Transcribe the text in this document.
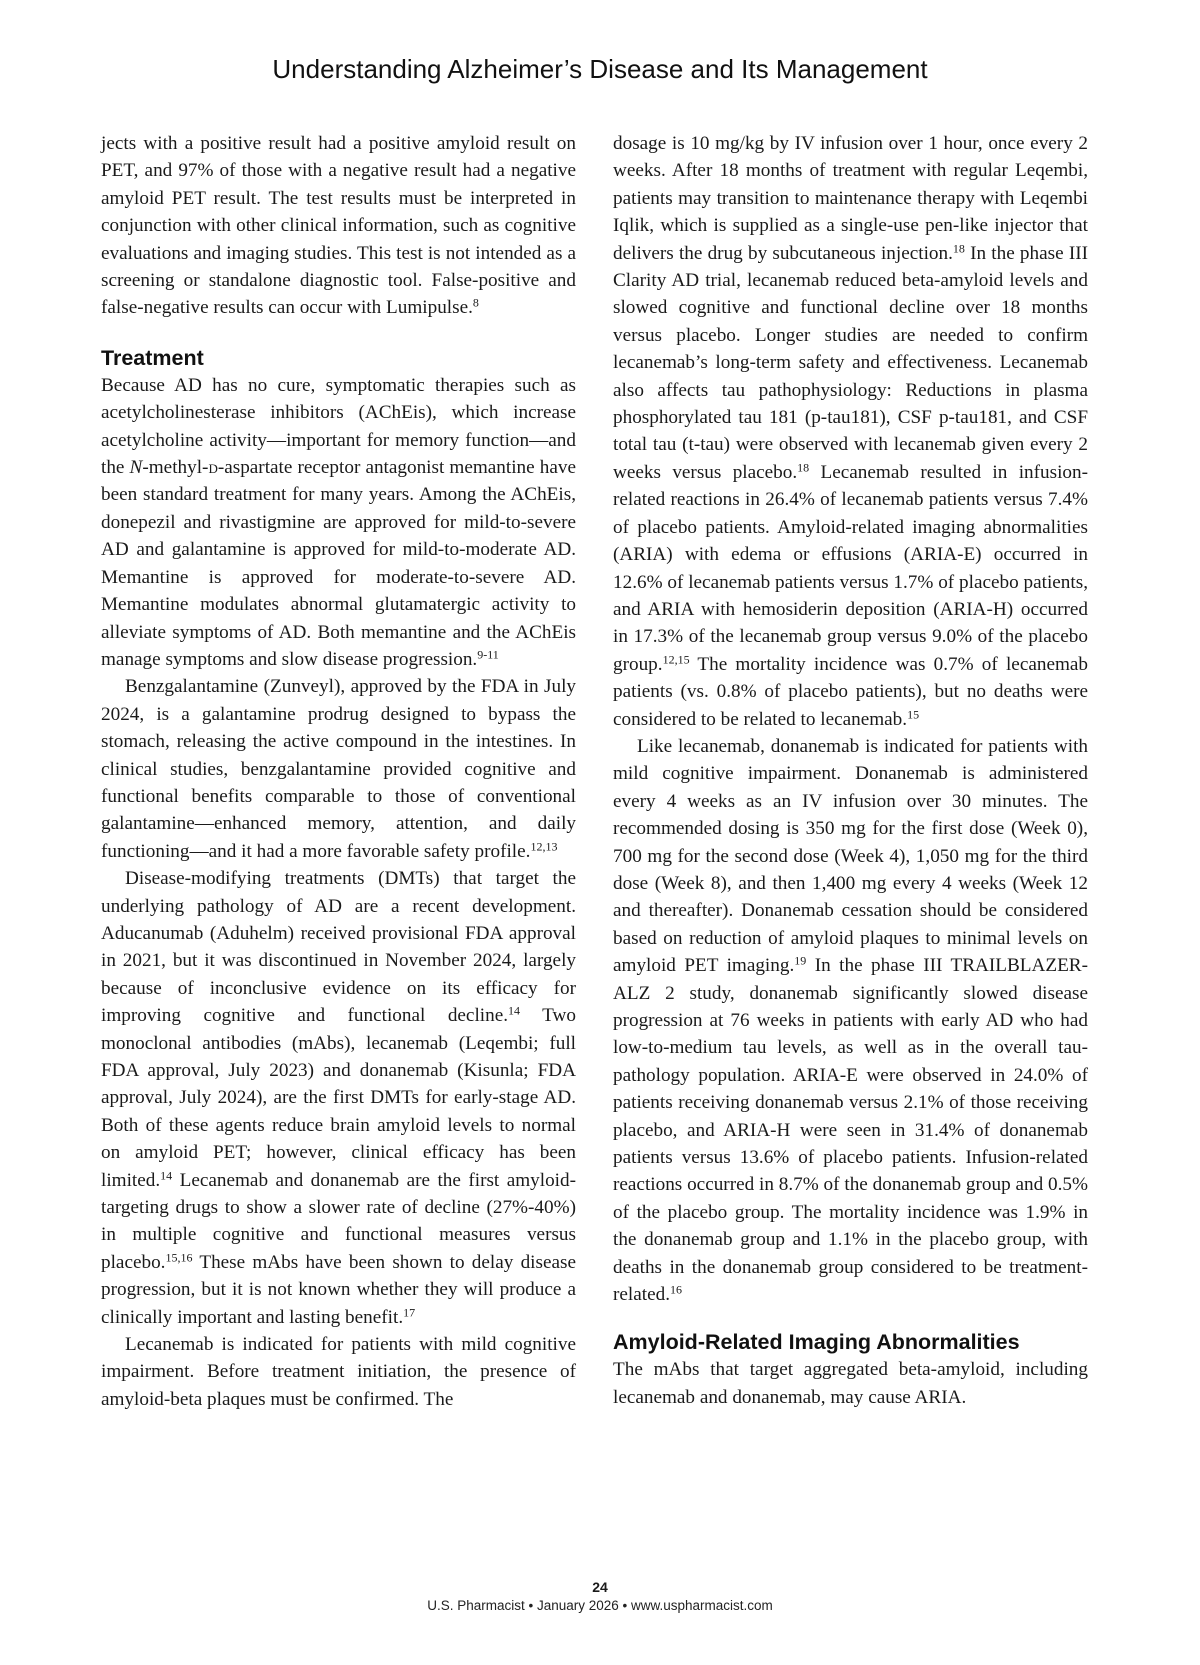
Understanding Alzheimer’s Disease and Its Management

jects with a positive result had a positive amyloid result on PET, and 97% of those with a negative result had a negative amyloid PET result. The test results must be interpreted in conjunction with other clinical information, such as cognitive evaluations and imaging studies. This test is not intended as a screening or standalone diagnostic tool. False-positive and false-negative results can occur with Lumipulse.$^8$

Treatment

Because AD has no cure, symptomatic therapies such as acetylcholinesterase inhibitors (AChEis), which increase acetylcholine activity—important for memory function—and the N-methyl-d-aspartate receptor antagonist memantine have been standard treatment for many years. Among the AChEis, donepezil and rivastigmine are approved for mild-to-severe AD and galantamine is approved for mild-to-moderate AD. Memantine is approved for moderate-to-severe AD. Memantine modulates abnormal glutamatergic activity to alleviate symptoms of AD. Both memantine and the AChEis manage symptoms and slow disease progression.$^{9-11}$

Benzgalantamine (Zunveyl), approved by the FDA in July 2024, is a galantamine prodrug designed to bypass the stomach, releasing the active compound in the intestines. In clinical studies, benzgalantamine provided cognitive and functional benefits comparable to those of conventional galantamine—enhanced memory, attention, and daily functioning—and it had a more favorable safety profile.$^{12,13}$

Disease-modifying treatments (DMTs) that target the underlying pathology of AD are a recent development. Aducanumab (Aduhelm) received provisional FDA approval in 2021, but it was discontinued in November 2024, largely because of inconclusive evidence on its efficacy for improving cognitive and functional decline.$^{14}$ Two monoclonal antibodies (mAbs), lecanemab (Leqembi; full FDA approval, July 2023) and donanemab (Kisunla; FDA approval, July 2024), are the first DMTs for early-stage AD. Both of these agents reduce brain amyloid levels to normal on amyloid PET; however, clinical efficacy has been limited.$^{14}$ Lecanemab and donanemab are the first amyloid-targeting drugs to show a slower rate of decline (27%-40%) in multiple cognitive and functional measures versus placebo.$^{15,16}$ These mAbs have been shown to delay disease progression, but it is not known whether they will produce a clinically important and lasting benefit.$^{17}$

Lecanemab is indicated for patients with mild cognitive impairment. Before treatment initiation, the presence of amyloid-beta plaques must be confirmed. The

dosage is 10 mg/kg by IV infusion over 1 hour, once every 2 weeks. After 18 months of treatment with regular Leqembi, patients may transition to maintenance therapy with Leqembi Iqlik, which is supplied as a single-use pen-like injector that delivers the drug by subcutaneous injection.$^{18}$ In the phase III Clarity AD trial, lecanemab reduced beta-amyloid levels and slowed cognitive and functional decline over 18 months versus placebo. Longer studies are needed to confirm lecanemab’s long-term safety and effectiveness. Lecanemab also affects tau pathophysiology: Reductions in plasma phosphorylated tau 181 (p-tau181), CSF p-tau181, and CSF total tau (t-tau) were observed with lecanemab given every 2 weeks versus placebo.$^{18}$ Lecanemab resulted in infusion-related reactions in 26.4% of lecanemab patients versus 7.4% of placebo patients. Amyloid-related imaging abnormalities (ARIA) with edema or effusions (ARIA-E) occurred in 12.6% of lecanemab patients versus 1.7% of placebo patients, and ARIA with hemosiderin deposition (ARIA-H) occurred in 17.3% of the lecanemab group versus 9.0% of the placebo group.$^{12,15}$ The mortality incidence was 0.7% of lecanemab patients (vs. 0.8% of placebo patients), but no deaths were considered to be related to lecanemab.$^{15}$

Like lecanemab, donanemab is indicated for patients with mild cognitive impairment. Donanemab is administered every 4 weeks as an IV infusion over 30 minutes. The recommended dosing is 350 mg for the first dose (Week 0), 700 mg for the second dose (Week 4), 1,050 mg for the third dose (Week 8), and then 1,400 mg every 4 weeks (Week 12 and thereafter). Donanemab cessation should be considered based on reduction of amyloid plaques to minimal levels on amyloid PET imaging.$^{19}$ In the phase III TRAILBLAZER-ALZ 2 study, donanemab significantly slowed disease progression at 76 weeks in patients with early AD who had low-to-medium tau levels, as well as in the overall tau-pathology population. ARIA-E were observed in 24.0% of patients receiving donanemab versus 2.1% of those receiving placebo, and ARIA-H were seen in 31.4% of donanemab patients versus 13.6% of placebo patients. Infusion-related reactions occurred in 8.7% of the donanemab group and 0.5% of the placebo group. The mortality incidence was 1.9% in the donanemab group and 1.1% in the placebo group, with deaths in the donanemab group considered to be treatment-related.$^{16}$

Amyloid-Related Imaging Abnormalities

The mAbs that target aggregated beta-amyloid, including lecanemab and donanemab, may cause ARIA.

24
U.S. Pharmacist • January 2026 • www.uspharmacist.com
